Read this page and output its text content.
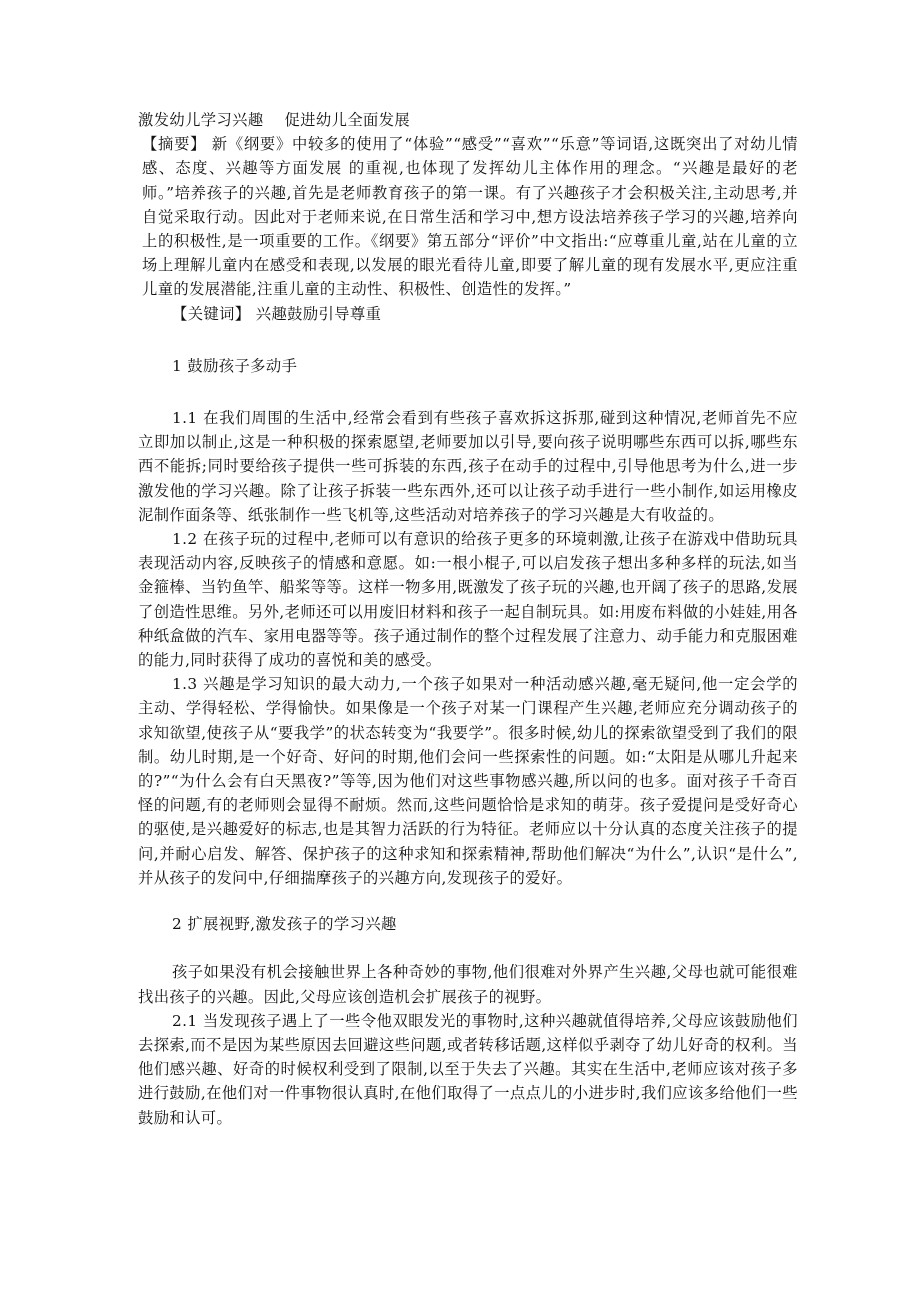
激发幼儿学习兴趣　 促进幼儿全面发展

【摘要】 新《纲要》中较多的使用了“体验”“感受”“喜欢”“乐意”等词语,这既突出了对幼儿情感、态度、兴趣等方面发展 的重视,也体现了发挥幼儿主体作用的理念。“兴趣是最好的老师。”培养孩子的兴趣,首先是老师教育孩子的第一课。有了兴趣孩子才会积极关注,主动思考,并自觉采取行动。因此对于老师来说,在日常生活和学习中,想方设法培养孩子学习的兴趣,培养向上的积极性,是一项重要的工作。《纲要》第五部分“评价”中文指出:“应尊重儿童,站在儿童的立场上理解儿童内在感受和表现,以发展的眼光看待儿童,即要了解儿童的现有发展水平,更应注重儿童的发展潜能,注重儿童的主动性、积极性、创造性的发挥。”

【关键词】 兴趣鼓励引导尊重

1 鼓励孩子多动手

1.1 在我们周围的生活中,经常会看到有些孩子喜欢拆这拆那,碰到这种情况,老师首先不应立即加以制止,这是一种积极的探索愿望,老师要加以引导,要向孩子说明哪些东西可以拆,哪些东西不能拆;同时要给孩子提供一些可拆装的东西,孩子在动手的过程中,引导他思考为什么,进一步激发他的学习兴趣。除了让孩子拆装一些东西外,还可以让孩子动手进行一些小制作,如运用橡皮泥制作面条等、纸张制作一些飞机等,这些活动对培养孩子的学习兴趣是大有收益的。

1.2 在孩子玩的过程中,老师可以有意识的给孩子更多的环境刺激,让孩子在游戏中借助玩具表现活动内容,反映孩子的情感和意愿。如:一根小棍子,可以启发孩子想出多种多样的玩法,如当金箍棒、当钓鱼竿、船桨等等。这样一物多用,既激发了孩子玩的兴趣,也开阔了孩子的思路,发展了创造性思维。另外,老师还可以用废旧材料和孩子一起自制玩具。如:用废布料做的小娃娃,用各种纸盒做的汽车、家用电器等等。孩子通过制作的整个过程发展了注意力、动手能力和克服困难的能力,同时获得了成功的喜悦和美的感受。

1.3 兴趣是学习知识的最大动力,一个孩子如果对一种活动感兴趣,毫无疑问,他一定会学的主动、学得轻松、学得愉快。如果像是一个孩子对某一门课程产生兴趣,老师应充分调动孩子的求知欲望,使孩子从“要我学”的状态转变为“我要学”。很多时候,幼儿的探索欲望受到了我们的限制。幼儿时期,是一个好奇、好问的时期,他们会问一些探索性的问题。如:“太阳是从哪儿升起来的?”“为什么会有白天黑夜?”等等,因为他们对这些事物感兴趣,所以问的也多。面对孩子千奇百怪的问题,有的老师则会显得不耐烦。然而,这些问题恰恰是求知的萌芽。孩子爱提问是受好奇心的驱使,是兴趣爱好的标志,也是其智力活跃的行为特征。老师应以十分认真的态度关注孩子的提问,并耐心启发、解答、保护孩子的这种求知和探索精神,帮助他们解决“为什么”,认识“是什么”,并从孩子的发问中,仔细揣摩孩子的兴趣方向,发现孩子的爱好。

2 扩展视野,激发孩子的学习兴趣

孩子如果没有机会接触世界上各种奇妙的事物,他们很难对外界产生兴趣,父母也就可能很难找出孩子的兴趣。因此,父母应该创造机会扩展孩子的视野。

2.1 当发现孩子遇上了一些令他双眼发光的事物时,这种兴趣就值得培养,父母应该鼓励他们去探索,而不是因为某些原因去回避这些问题,或者转移话题,这样似乎剥夺了幼儿好奇的权利。当他们感兴趣、好奇的时候权利受到了限制,以至于失去了兴趣。其实在生活中,老师应该对孩子多进行鼓励,在他们对一件事物很认真时,在他们取得了一点点儿的小进步时,我们应该多给他们一些鼓励和认可。
